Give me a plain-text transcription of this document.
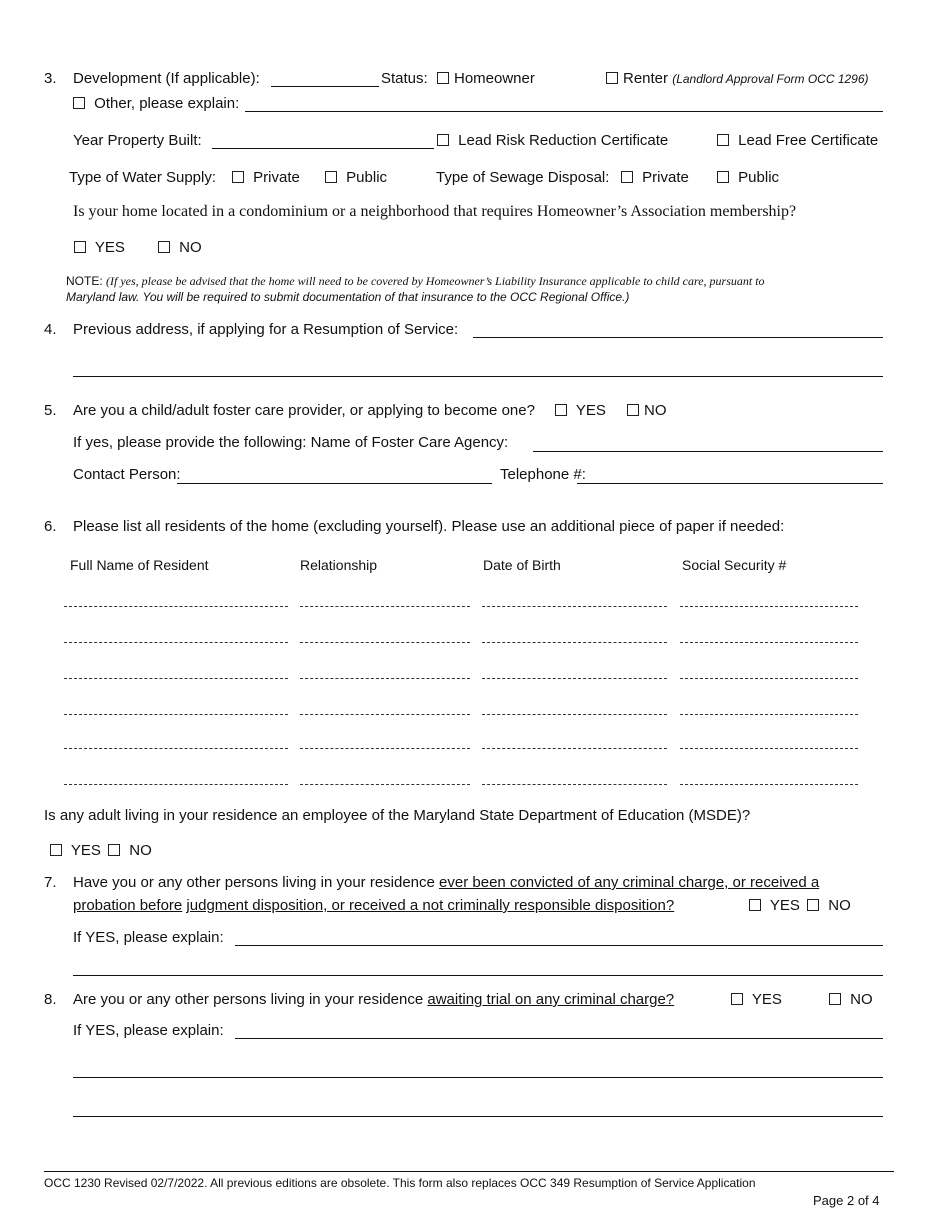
3. Development (If applicable):	Status:	Homeowner	Renter (Landlord Approval Form OCC 1296)
Other, please explain:
Year Property Built:	Lead Risk Reduction Certificate	Lead Free Certificate
Type of Water Supply:	Private	Public	Type of Sewage Disposal:	Private	Public
Is your home located in a condominium or a neighborhood that requires Homeowner’s Association membership?
YES	NO
NOTE: (If yes, please be advised that the home will need to be covered by Homeowner’s Liability Insurance applicable to child care, pursuant to
Maryland law. You will be required to submit documentation of that insurance to the OCC Regional Office.)
4. Previous address, if applying for a Resumption of Service:
5. Are you a child/adult foster care provider, or applying to become one?	YES	NO
If yes, please provide the following: Name of Foster Care Agency:
Contact Person:	Telephone #:
6. Please list all residents of the home (excluding yourself). Please use an additional piece of paper if needed:
Full Name of Resident	Relationship	Date of Birth	Social Security #
Is any adult living in your residence an employee of the Maryland State Department of Education (MSDE)?
YES NO
7. Have you or any other persons living in your residence ever been convicted of any criminal charge, or received a
probation before judgment disposition, or received a not criminally responsible disposition?	YES NO
If YES, please explain:
8. Are you or any other persons living in your residence awaiting trial on any criminal charge?	YES	NO
If YES, please explain:
OCC 1230 Revised 02/7/2022. All previous editions are obsolete. This form also replaces OCC 349 Resumption of Service Application
Page 2 of 4
